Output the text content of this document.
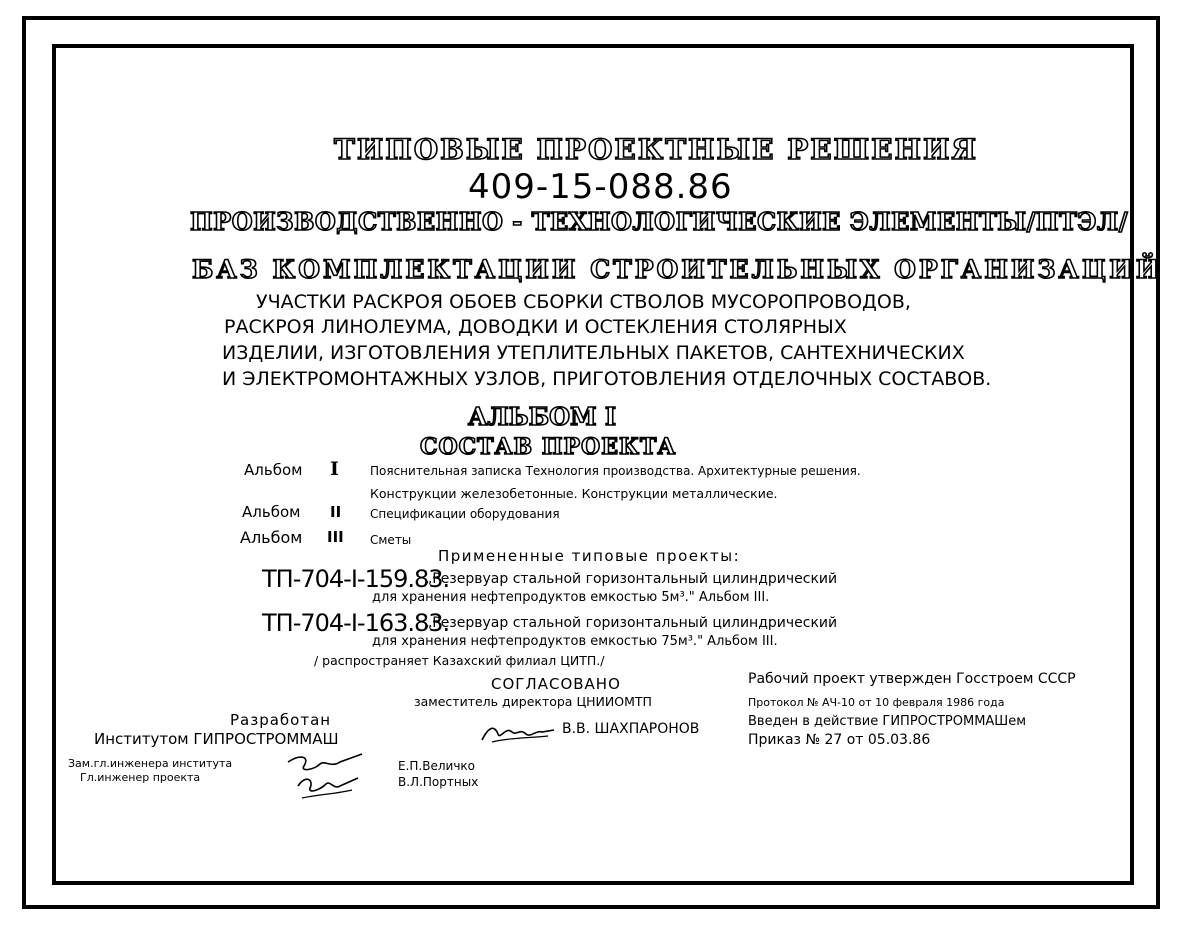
ТИПОВЫЕ ПРОЕКТНЫЕ РЕШЕНИЯ
409-15-088.86
ПРОИЗВОДСТВЕННО - ТЕХНОЛОГИЧЕСКИЕ ЭЛЕМЕНТЫ/ПТЭЛ/
БАЗ КОМПЛЕКТАЦИИ СТРОИТЕЛЬНЫХ ОРГАНИЗАЦИЙ
УЧАСТКИ РАСКРОЯ ОБОЕВ СБОРКИ СТВОЛОВ МУСОРОПРОВОДОВ,
РАСКРОЯ ЛИНОЛЕУМА, ДОВОДКИ И ОСТЕКЛЕНИЯ СТОЛЯРНЫХ
ИЗДЕЛИИ, ИЗГОТОВЛЕНИЯ УТЕПЛИТЕЛЬНЫХ ПАКЕТОВ, САНТЕХНИЧЕСКИХ
И ЭЛЕКТРОМОНТАЖНЫХ УЗЛОВ, ПРИГОТОВЛЕНИЯ ОТДЕЛОЧНЫХ СОСТАВОВ.
АЛЬБОМ I
СОСТАВ ПРОЕКТА
Альбом I	Пояснительная записка Технология производства. Архитектурные решения.
Конструкции железобетонные. Конструкции металлические.
Альбом II Спецификации оборудования
Альбом III Сметы
Примененные типовые проекты:
ТП-704-I-159.83.
„Резервуар стальной горизонтальный цилиндрический
для хранения нефтепродуктов емкостью 5м³." Альбом III.
ТП-704-I-163.83.
„Резервуар стальной горизонтальный цилиндрический
для хранения нефтепродуктов емкостью 75м³." Альбом III.
/ распространяет Казахский филиал ЦИТП./
СОГЛАСОВАНО
заместитель директора ЦНИИОМТП
В.В. ШАХПАРОНОВ
Рабочий проект утвержден Госстроем СССР
Протокол № АЧ-10 от 10 февраля 1986 года
Введен в действие ГИПРОСТРОММАШем
Приказ № 27 от 05.03.86
Разработан
Институтом ГИПРОСТРОММАШ
Зам.гл.инженера института
Гл.инженер проекта
Е.П.Величко
В.Л.Портных
